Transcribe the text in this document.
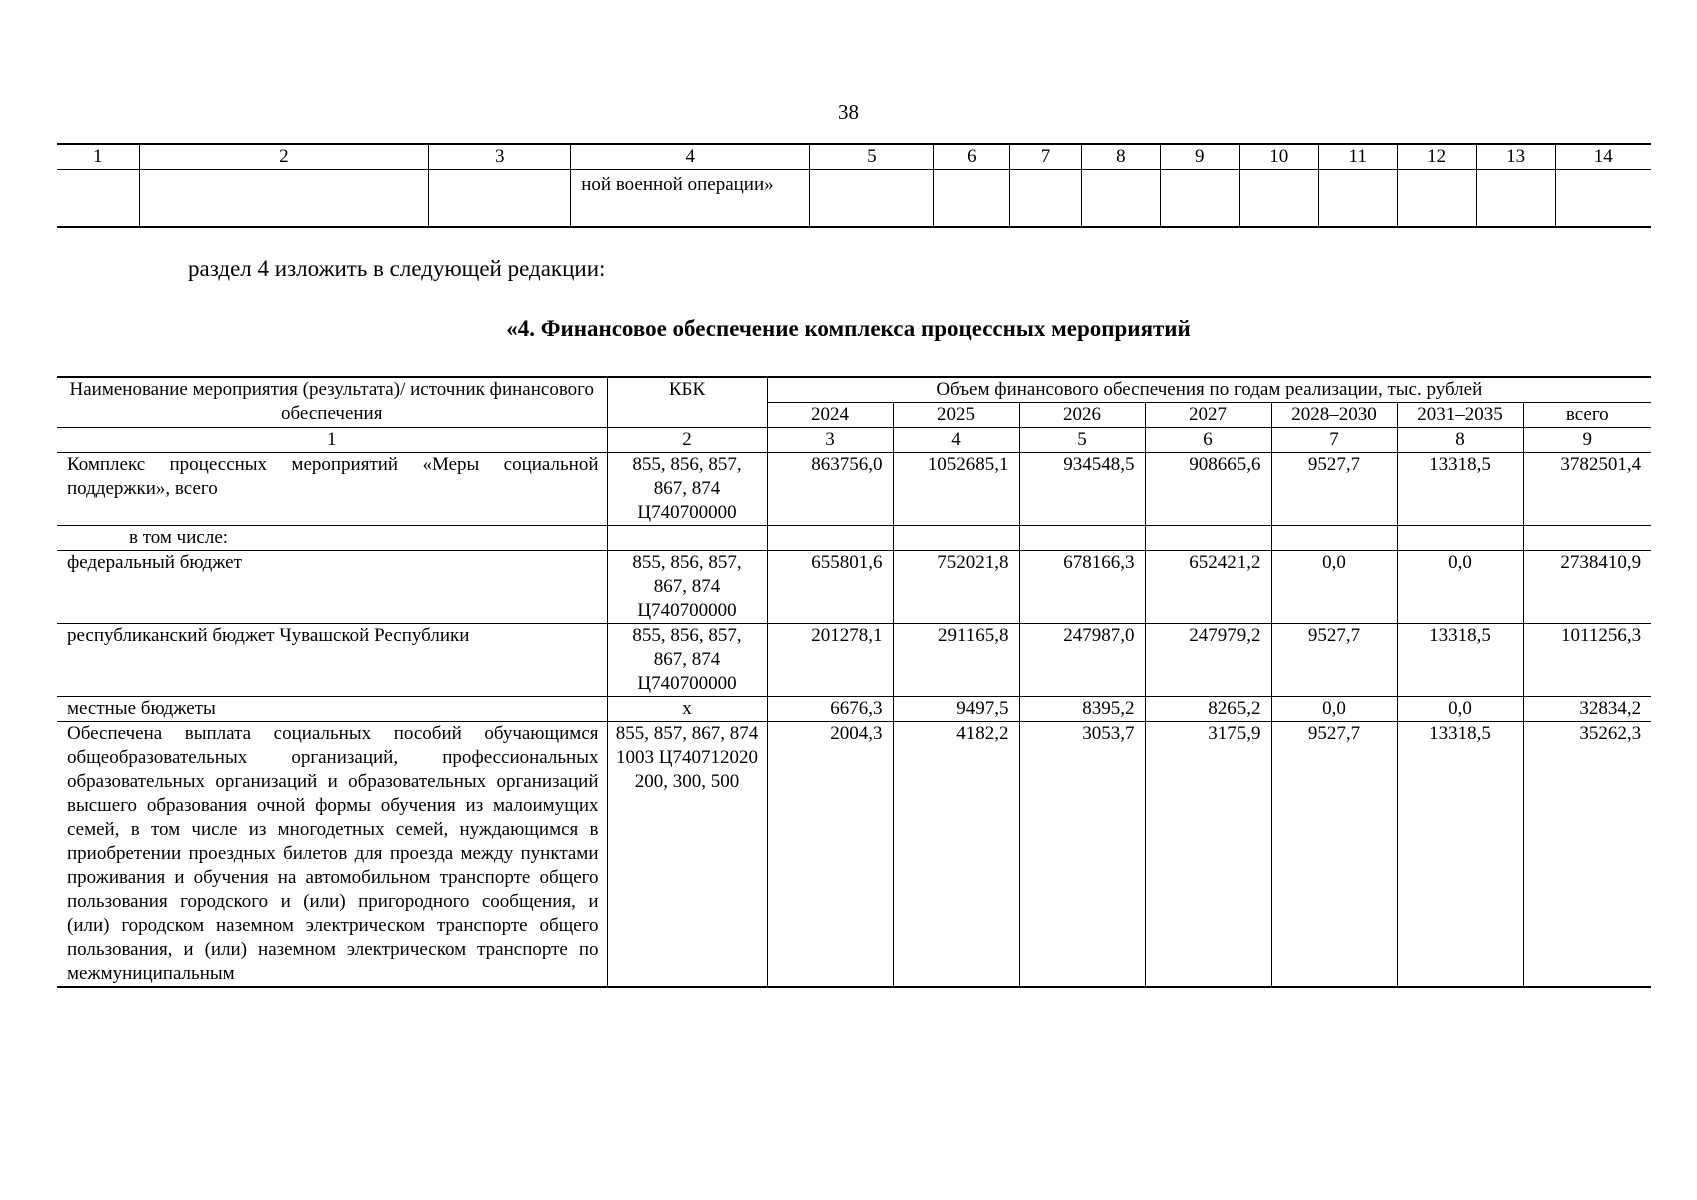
38
1	2	3	4	5	6	7	8	9	10	11	12	13	14
			ной военной операции»										
раздел 4 изложить в следующей редакции:
«4. Финансовое обеспечение комплекса процессных мероприятий
Наименование мероприятия (результата)/ источник финансового обеспечения	КБК	Объем финансового обеспечения по годам реализации, тыс. рублей						
		2024	2025	2026	2027	2028–2030	2031–2035	всего
1	2	3	4	5	6	7	8	9
Комплекс процессных мероприятий «Меры социальной поддержки», всего	855, 856, 857, 867, 874 Ц740700000	863756,0	1052685,1	934548,5	908665,6	9527,7	13318,5	3782501,4
в том числе:								
федеральный бюджет	855, 856, 857, 867, 874 Ц740700000	655801,6	752021,8	678166,3	652421,2	0,0	0,0	2738410,9
республиканский бюджет Чувашской Республики	855, 856, 857, 867, 874 Ц740700000	201278,1	291165,8	247987,0	247979,2	9527,7	13318,5	1011256,3
местные бюджеты	x	6676,3	9497,5	8395,2	8265,2	0,0	0,0	32834,2
Обеспечена выплата социальных пособий обучающимся общеобразовательных организаций, профессиональных образовательных организаций и образовательных организаций высшего образования очной формы обучения из малоимущих семей, в том числе из многодетных семей, нуждающимся в приобретении проездных билетов для проезда между пунктами проживания и обучения на автомобильном транспорте общего пользования городского и (или) пригородного сообщения, и (или) городском наземном электрическом транспорте общего пользования, и (или) наземном электрическом транспорте по межмуниципальным	855, 857, 867, 874 1003 Ц740712020 200, 300, 500	2004,3	4182,2	3053,7	3175,9	9527,7	13318,5	35262,3
